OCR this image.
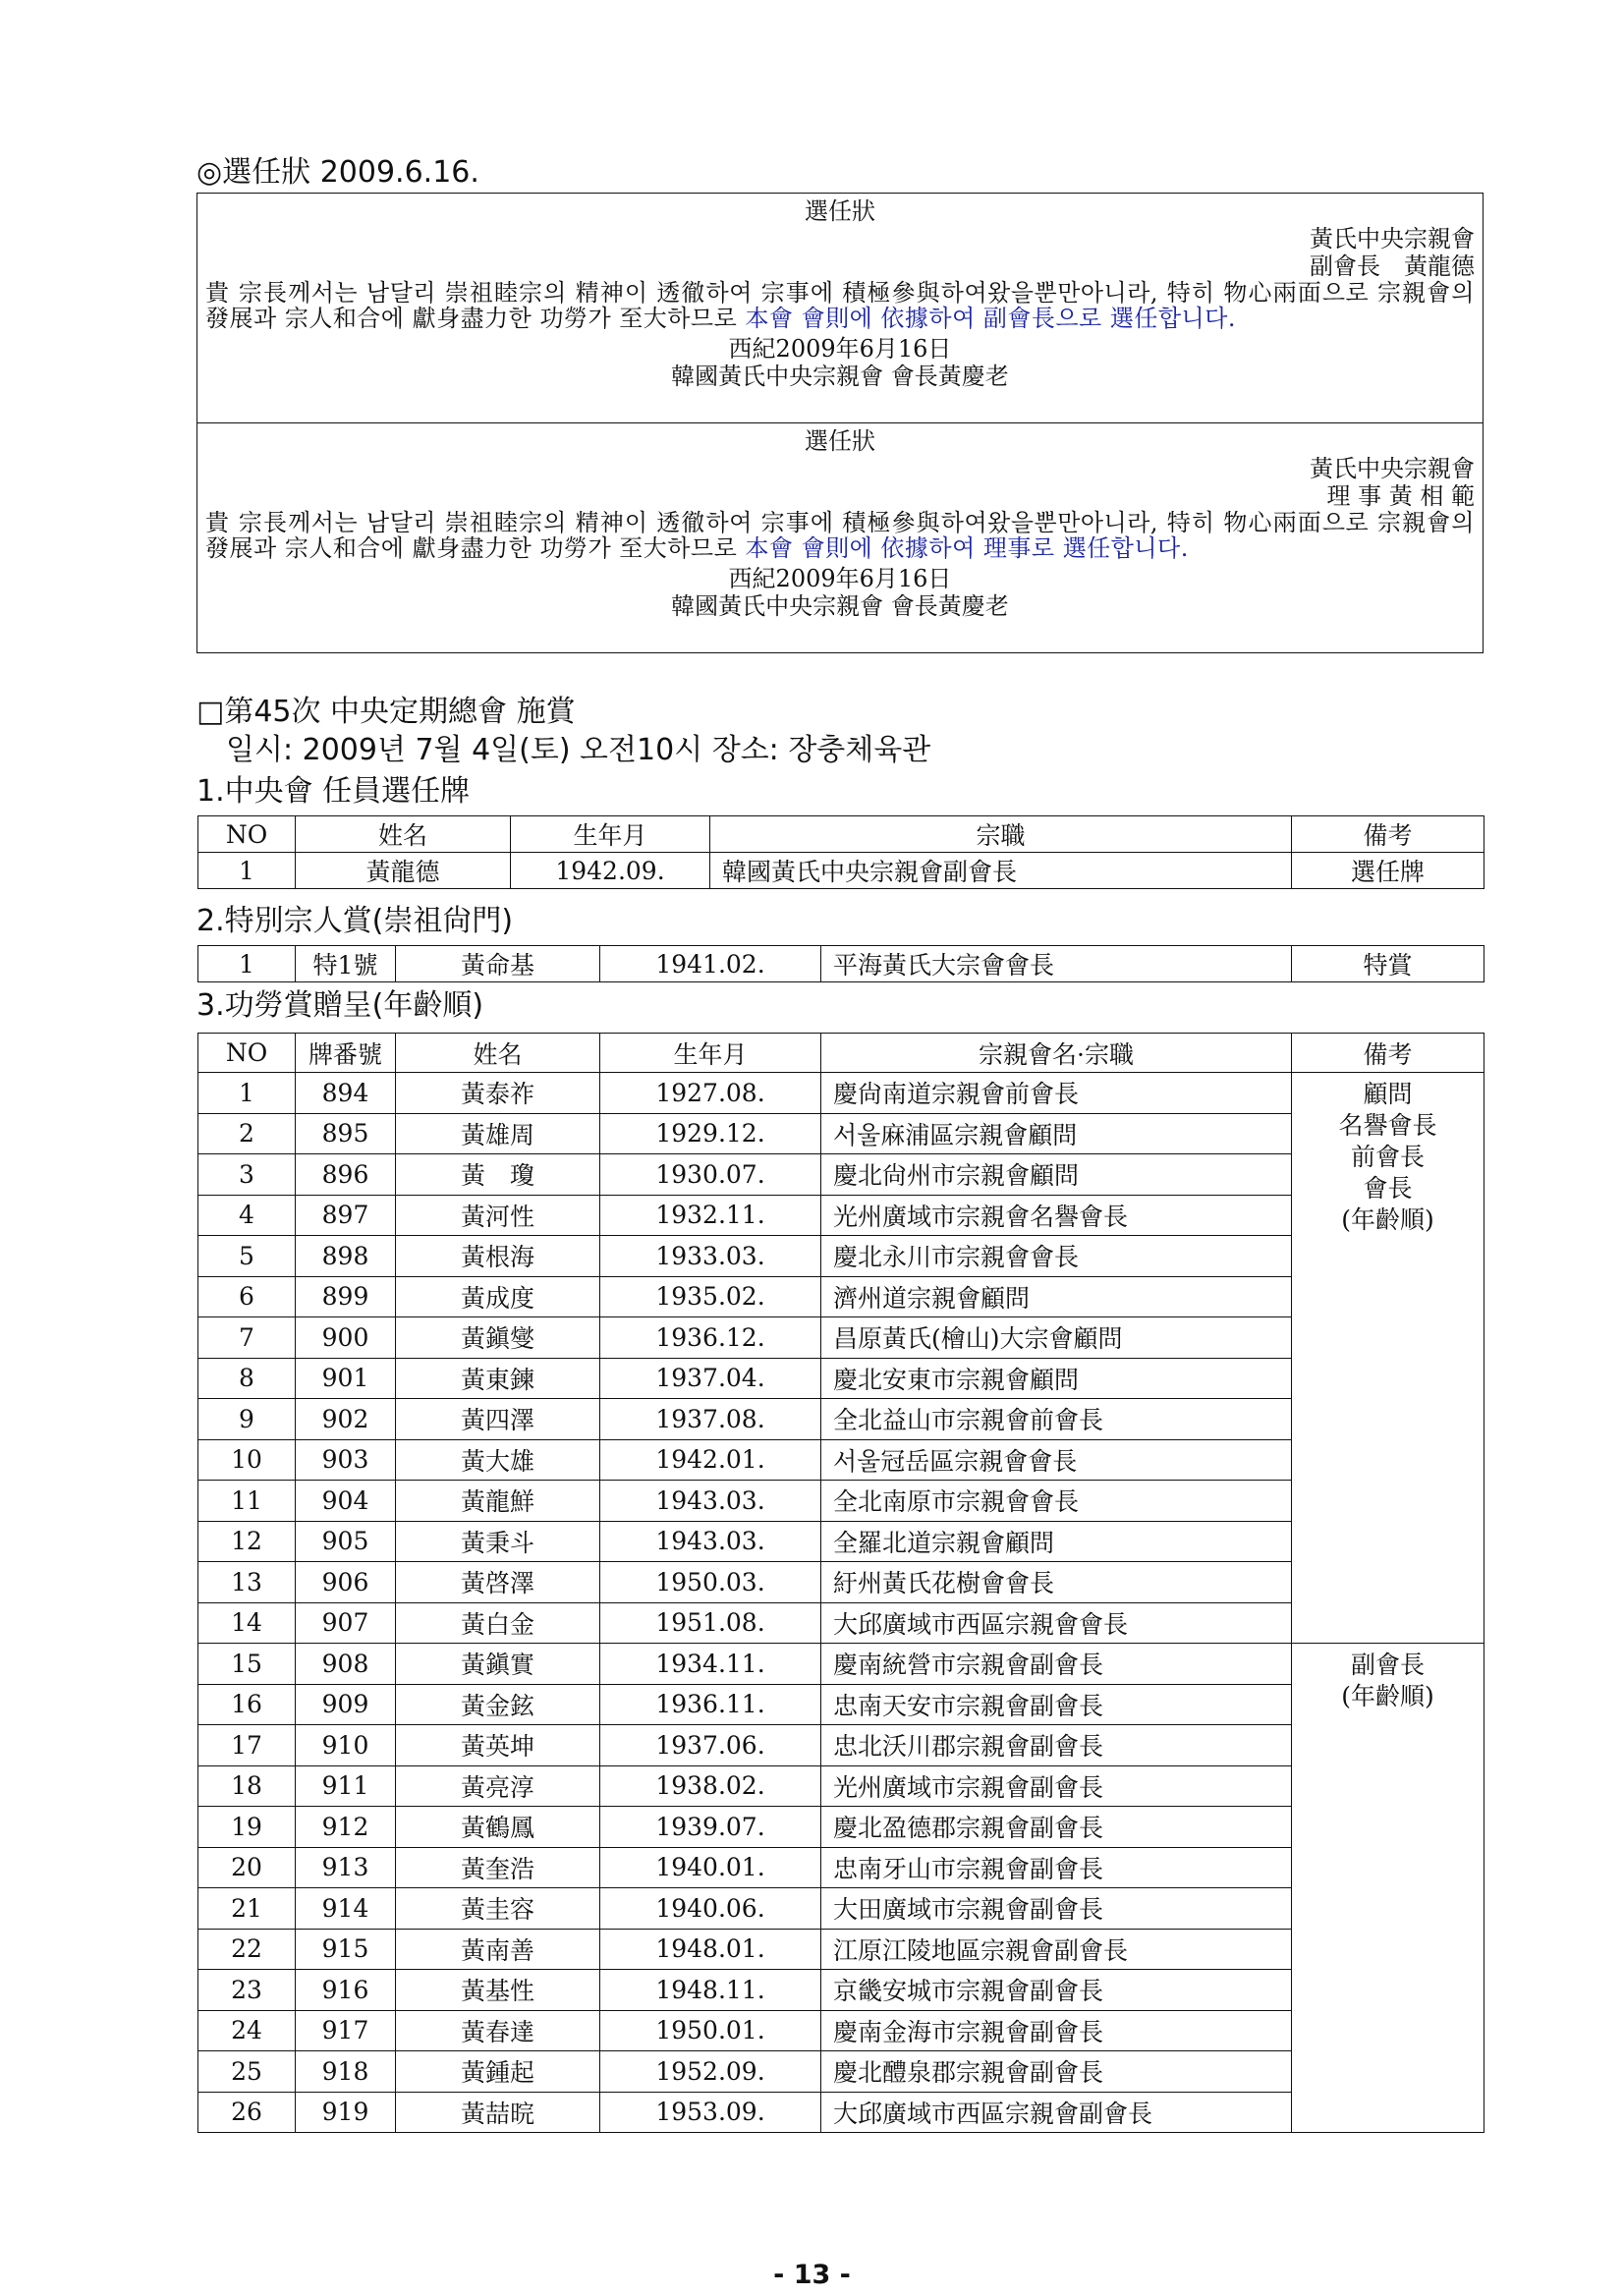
◎選任狀 2009.6.16.
選任狀
黃氏中央宗親會
副會長　黃龍德
貴 宗長께서는 남달리 崇祖睦宗의 精神이 透徹하여 宗事에 積極參與하여왔을뿐만아니라, 特히 物心兩面으로 宗親會의 發展과 宗人和合에 獻身盡力한 功勞가 至大하므로 本會 會則에 依據하여 副會長으로 選任합니다.
西紀2009年6月16日
韓國黃氏中央宗親會 會長黃慶老
選任狀
黃氏中央宗親會
理 事 黃 相 範
貴 宗長께서는 남달리 崇祖睦宗의 精神이 透徹하여 宗事에 積極參與하여왔을뿐만아니라, 特히 物心兩面으로 宗親會의 發展과 宗人和合에 獻身盡力한 功勞가 至大하므로 本會 會則에 依據하여 理事로 選任합니다.
西紀2009年6月16日
韓國黃氏中央宗親會 會長黃慶老
□第45次 中央定期總會 施賞
일시: 2009년 7월 4일(토) 오전10시 장소: 장충체육관
1.中央會 任員選任牌
NO	姓名	生年月	宗職	備考
1	黃龍德	1942.09.	韓國黃氏中央宗親會副會長	選任牌
2.特別宗人賞(崇祖尙門)
1	特1號	黃命基	1941.02.	平海黃氏大宗會會長	特賞
3.功勞賞贈呈(年齡順)
NO	牌番號	姓名	生年月	宗親會名·宗職	備考
1	894	黃泰祚	1927.08.	慶尙南道宗親會前會長	顧問
名譽會長
前會長
會長
(年齡順)

2	895	黃雄周	1929.12.	서울麻浦區宗親會顧問	
3	896	黃　瓊	1930.07.	慶北尙州市宗親會顧問	
4	897	黃河性	1932.11.	光州廣域市宗親會名譽會長	
5	898	黃根海	1933.03.	慶北永川市宗親會會長	
6	899	黃成度	1935.02.	濟州道宗親會顧問	
7	900	黃鎭燮	1936.12.	昌原黃氏(檜山)大宗會顧問	
8	901	黃東鍊	1937.04.	慶北安東市宗親會顧問	
9	902	黃四澤	1937.08.	全北益山市宗親會前會長	
10	903	黃大雄	1942.01.	서울冠岳區宗親會會長	
11	904	黃龍鮮	1943.03.	全北南原市宗親會會長	
12	905	黃秉斗	1943.03.	全羅北道宗親會顧問	
13	906	黃啓澤	1950.03.	紆州黃氏花樹會會長	
14	907	黃白金	1951.08.	大邱廣域市西區宗親會會長	
15	908	黃鎭實	1934.11.	慶南統營市宗親會副會長	副會長
(年齡順)

16	909	黃金鉉	1936.11.	忠南天安市宗親會副會長	
17	910	黃英坤	1937.06.	忠北沃川郡宗親會副會長	
18	911	黃亮淳	1938.02.	光州廣域市宗親會副會長	
19	912	黃鶴鳳	1939.07.	慶北盈德郡宗親會副會長	
20	913	黃奎浩	1940.01.	忠南牙山市宗親會副會長	
21	914	黃圭容	1940.06.	大田廣域市宗親會副會長	
22	915	黃南善	1948.01.	江原江陵地區宗親會副會長	
23	916	黃基性	1948.11.	京畿安城市宗親會副會長	
24	917	黃春達	1950.01.	慶南金海市宗親會副會長	
25	918	黃鍾起	1952.09.	慶北醴泉郡宗親會副會長	
26	919	黃喆晥	1953.09.	大邱廣域市西區宗親會副會長	
- 13 -
